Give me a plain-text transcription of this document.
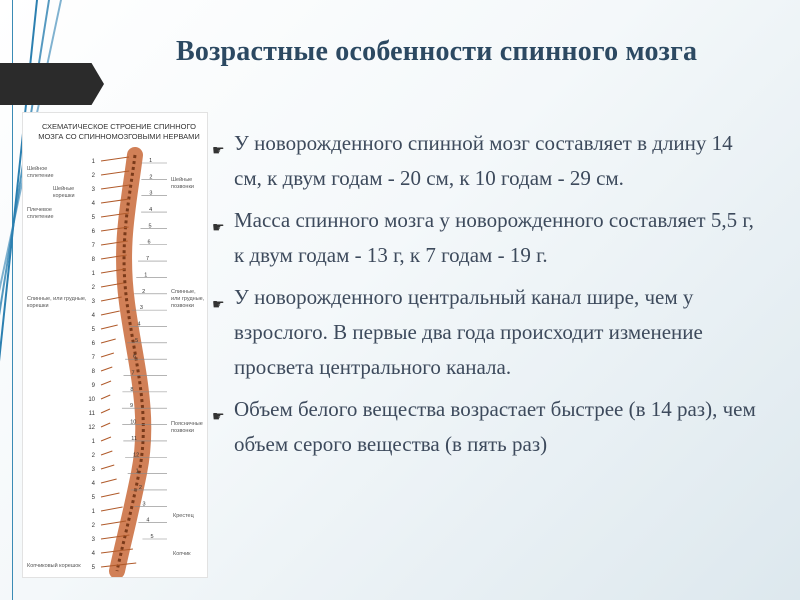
Возрастные особенности спинного мозга
СХЕМАТИЧЕСКОЕ СТРОЕНИЕ СПИННОГО МОЗГА СО СПИННОМОЗГОВЫМИ НЕРВАМИ
1
2
3
4
5
6
7
8
1
2
3
4
5
6
7
8
9
10
11
12
1
2
3
4
5
1
2
3
4
5
1
2
3
4
5
6
7
1
2
3
4
5
6
7
8
9
10
11
12
1
2
3
4
5
Шейное сплетение
Шейные корешки
Плечевое сплетение
Спинные, или грудные, корешки
Шейные позвонки
Спинные, или грудные, позвонки
Поясничные позвонки
Крестец
Копчик
Копчиковый корешок
☛ У новорожденного спинной мозг составляет в длину 14 см, к двум годам - 20 см, к 10 годам - 29 см.
☛ Масса спинного мозга у новорожденного составляет 5,5 г, к двум годам - 13 г, к 7 годам - 19 г.
☛ У новорожденного центральный канал шире, чем у взрослого. В первые два года происходит изменение просвета центрального канала.
☛ Объем белого вещества возрастает быстрее (в 14 раз), чем объем серого вещества (в пять раз)
